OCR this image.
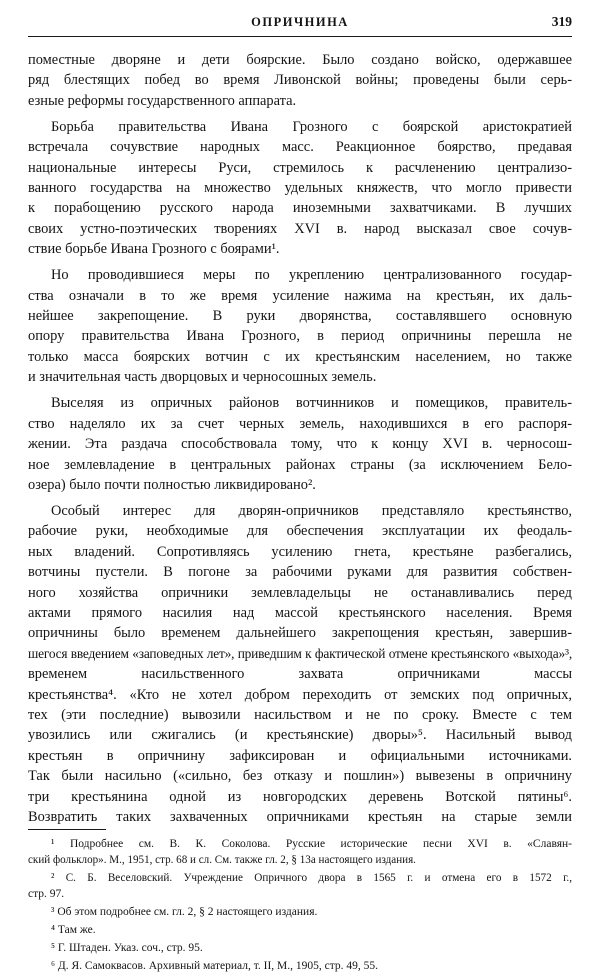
ОПРИЧНИНА	319

поместные дворяне и дети боярские. Было создано войско, одержавшее
ряд блестящих побед во время Ливонской войны; проведены были серь-
езные реформы государственного аппарата.

Борьба правительства Ивана Грозного с боярской аристократией
встречала сочувствие народных масс. Реакционное боярство, предавая
национальные интересы Руси, стремилось к расчленению централизо-
ванного государства на множество удельных княжеств, что могло привести
к порабощению русского народа иноземными захватчиками. В лучших
своих устно-поэтических творениях XVI в. народ высказал свое сочув-
ствие борьбе Ивана Грозного с боярами¹.

Но проводившиеся меры по укреплению централизованного государ-
ства означали в то же время усиление нажима на крестьян, их даль-
нейшее закрепощение. В руки дворянства, составлявшего основную
опору правительства Ивана Грозного, в период опричнины перешла не
только масса боярских вотчин с их крестьянским населением, но также
и значительная часть дворцовых и черносошных земель.

Выселяя из опричных районов вотчинников и помещиков, правитель-
ство наделяло их за счет черных земель, находившихся в его распоря-
жении. Эта раздача способствовала тому, что к концу XVI в. черносош-
ное землевладение в центральных районах страны (за исключением Бело-
озера) было почти полностью ликвидировано².

Особый интерес для дворян-опричников представляло крестьянство,
рабочие руки, необходимые для обеспечения эксплуатации их феодаль-
ных владений. Сопротивляясь усилению гнета, крестьяне разбегались,
вотчины пустели. В погоне за рабочими руками для развития собствен-
ного хозяйства опричники землевладельцы не останавливались перед
актами прямого насилия над массой крестьянского населения. Время
опричнины было временем дальнейшего закрепощения крестьян, завершив-
шегося введением «заповедных лет», приведшим к фактической отмене крестьянского «выхода»³,
временем насильственного захвата опричниками массы
крестьянства⁴. «Кто не хотел добром переходить от земских под опричных,
тех (эти последние) вывозили насильством и не по сроку. Вместе с тем
увозились или сжигались (и крестьянские) дворы»⁵. Насильный вывод
крестьян в опричнину зафиксирован и официальными источниками.
Так были насильно («сильно, без отказу и пошлин») вывезены в опричнину
три крестьянина одной из новгородских деревень Вотской пятины⁶.
Возвратить таких захваченных опричниками крестьян на старые земли

¹ Подробнее см. В. К. Соколова. Русские исторические песни XVI в. «Славян-
ский фольклор». М., 1951, стр. 68 и сл. См. также гл. 2, § 13а настоящего издания.

² С. Б. Веселовский. Учреждение Опричного двора в 1565 г. и отмена его в 1572 г.,
стр. 97.

³ Об этом подробнее см. гл. 2, § 2 настоящего издания.

⁴ Там же.

⁵ Г. Штаден. Указ. соч., стр. 95.

⁶ Д. Я. Самоквасов. Архивный материал, т. II, М., 1905, стр. 49, 55.
